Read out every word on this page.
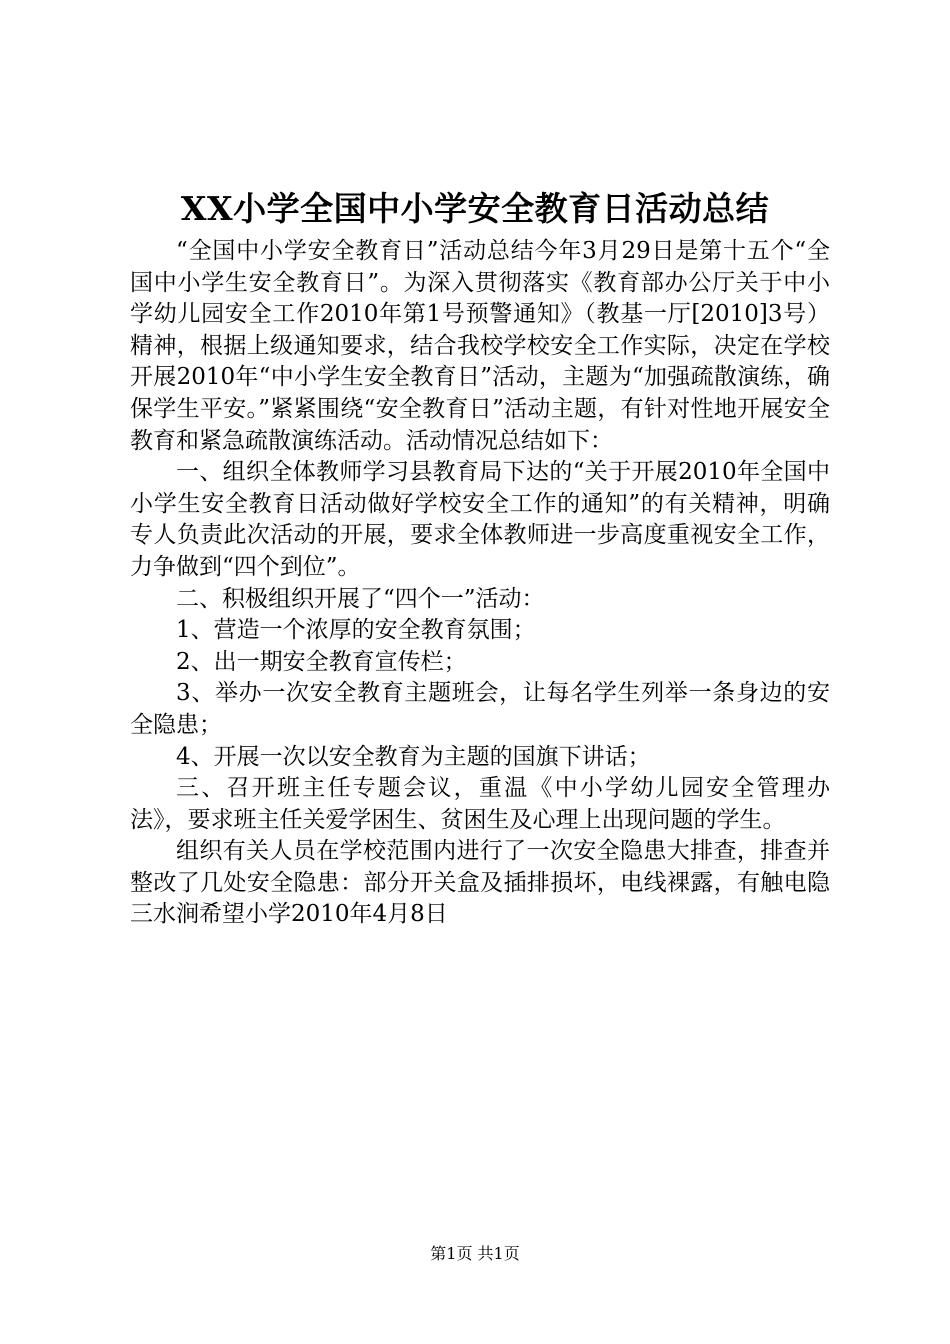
XX小学全国中小学安全教育日活动总结

“全国中小学安全教育日”活动总结今年3月29日是第十五个“全国中小学生安全教育日”。为深入贯彻落实《教育部办公厅关于中小学幼儿园安全工作2010年第1号预警通知》（教基一厅[2010]3号）精神，根据上级通知要求，结合我校学校安全工作实际，决定在学校开展2010年“中小学生安全教育日”活动，主题为“加强疏散演练，确保学生平安。”紧紧围绕“安全教育日”活动主题，有针对性地开展安全教育和紧急疏散演练活动。活动情况总结如下：

一、组织全体教师学习县教育局下达的“关于开展2010年全国中小学生安全教育日活动做好学校安全工作的通知”的有关精神，明确专人负责此次活动的开展，要求全体教师进一步高度重视安全工作，力争做到“四个到位”。

二、积极组织开展了“四个一”活动：

1、营造一个浓厚的安全教育氛围；

2、出一期安全教育宣传栏；

3、举办一次安全教育主题班会，让每名学生列举一条身边的安全隐患；

4、开展一次以安全教育为主题的国旗下讲话；

三、召开班主任专题会议，重温《中小学幼儿园安全管理办法》，要求班主任关爱学困生、贫困生及心理上出现问题的学生。

组织有关人员在学校范围内进行了一次安全隐患大排查，排查并整改了几处安全隐患：部分开关盒及插排损坏，电线裸露，有触电隐三水涧希望小学2010年4月8日

第1页 共1页
